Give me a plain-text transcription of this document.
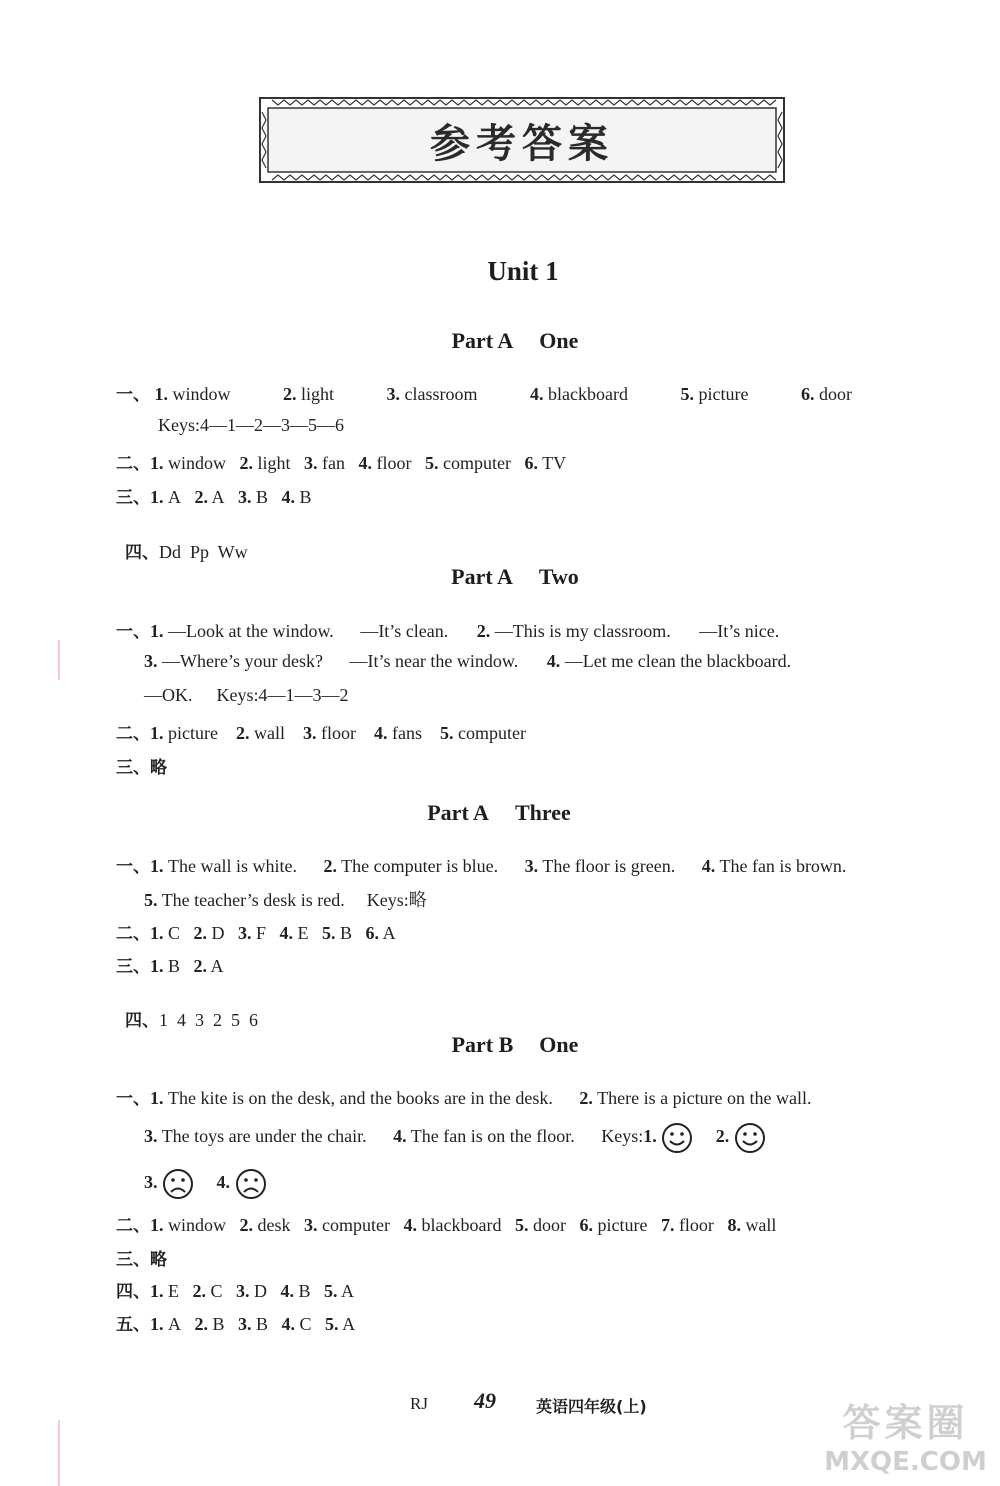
参考答案
Unit 1
Part A One
一、 1. window	2. light	3. classroom	4. blackboard	5. picture	6. door
Keys:4—1—2—3—5—6
二、1. window 2. light 3. fan 4. floor 5. computer 6. TV
三、1. A 2. A 3. B 4. B

四、Dd  Pp  Ww

Part A Two
一、1. —Look at the window. —It’s clean. 2. —This is my classroom. —It’s nice.
3. —Where’s your desk? —It’s near the window. 4. —Let me clean the blackboard.
—OK. Keys:4—1—3—2
二、1. picture 2. wall 3. floor 4. fans 5. computer
三、略
Part A Three
一、1. The wall is white. 2. The computer is blue. 3. The floor is green. 4. The fan is brown.
5. The teacher’s desk is red. Keys:略
二、1. C 2. D 3. F 4. E 5. B 6. A
三、1. B 2. A

四、1  4  3  2  5  6

Part B One
一、1. The kite is on the desk, and the books are in the desk. 2. There is a picture on the wall.
3. The toys are under the chair. 4. The fan is on the floor. Keys:1.	2.
3.	4.
二、1. window 2. desk 3. computer 4. blackboard 5. door 6. picture 7. floor 8. wall
三、略
四、1. E 2. C 3. D 4. B 5. A
五、1. A 2. B 3. B 4. C 5. A
RJ 49	英语四年级(上)	答案圈
MXQE.COM
